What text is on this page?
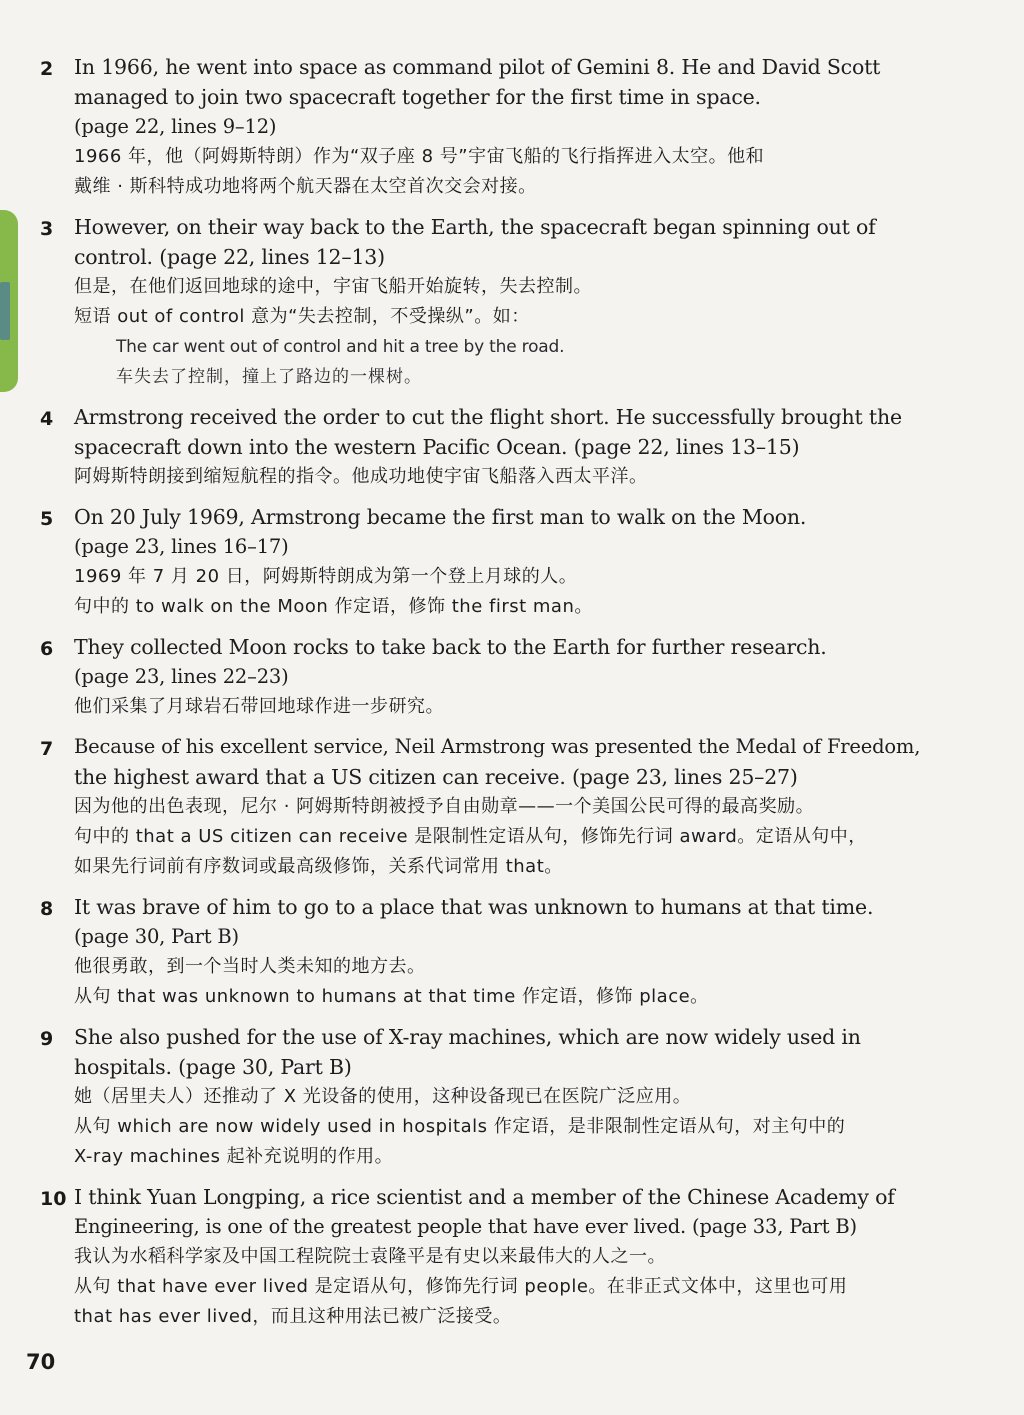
2	In 1966, he went into space as command pilot of Gemini 8. He and David Scott
managed to join two spacecraft together for the first time in space.
(page 22, lines 9–12)
1966 年，他（阿姆斯特朗）作为“双子座 8 号”宇宙飞船的飞行指挥进入太空。他和
戴维 · 斯科特成功地将两个航天器在太空首次交会对接。
3	However, on their way back to the Earth, the spacecraft began spinning out of
control. (page 22, lines 12–13)
但是，在他们返回地球的途中，宇宙飞船开始旋转，失去控制。
短语 out of control 意为“失去控制，不受操纵”。如：
The car went out of control and hit a tree by the road.
车失去了控制，撞上了路边的一棵树。
4	Armstrong received the order to cut the flight short. He successfully brought the
spacecraft down into the western Pacific Ocean. (page 22, lines 13–15)
阿姆斯特朗接到缩短航程的指令。他成功地使宇宙飞船落入西太平洋。
5	On 20 July 1969, Armstrong became the first man to walk on the Moon.
(page 23, lines 16–17)
1969 年 7 月 20 日，阿姆斯特朗成为第一个登上月球的人。
句中的 to walk on the Moon 作定语，修饰 the first man。
6	They collected Moon rocks to take back to the Earth for further research.
(page 23, lines 22–23)
他们采集了月球岩石带回地球作进一步研究。
7	Because of his excellent service, Neil Armstrong was presented the Medal of Freedom,
the highest award that a US citizen can receive. (page 23, lines 25–27)
因为他的出色表现，尼尔 · 阿姆斯特朗被授予自由勋章——一个美国公民可得的最高奖励。
句中的 that a US citizen can receive 是限制性定语从句，修饰先行词 award。定语从句中，
如果先行词前有序数词或最高级修饰，关系代词常用 that。
8	It was brave of him to go to a place that was unknown to humans at that time.
(page 30, Part B)
他很勇敢，到一个当时人类未知的地方去。
从句 that was unknown to humans at that time 作定语，修饰 place。
9	She also pushed for the use of X-ray machines, which are now widely used in
hospitals. (page 30, Part B)
她（居里夫人）还推动了 X 光设备的使用，这种设备现已在医院广泛应用。
从句 which are now widely used in hospitals 作定语，是非限制性定语从句，对主句中的
X-ray machines 起补充说明的作用。
10 I think Yuan Longping, a rice scientist and a member of the Chinese Academy of
Engineering, is one of the greatest people that have ever lived. (page 33, Part B)
我认为水稻科学家及中国工程院院士袁隆平是有史以来最伟大的人之一。
从句 that have ever lived 是定语从句，修饰先行词 people。在非正式文体中，这里也可用
that has ever lived，而且这种用法已被广泛接受。
70
